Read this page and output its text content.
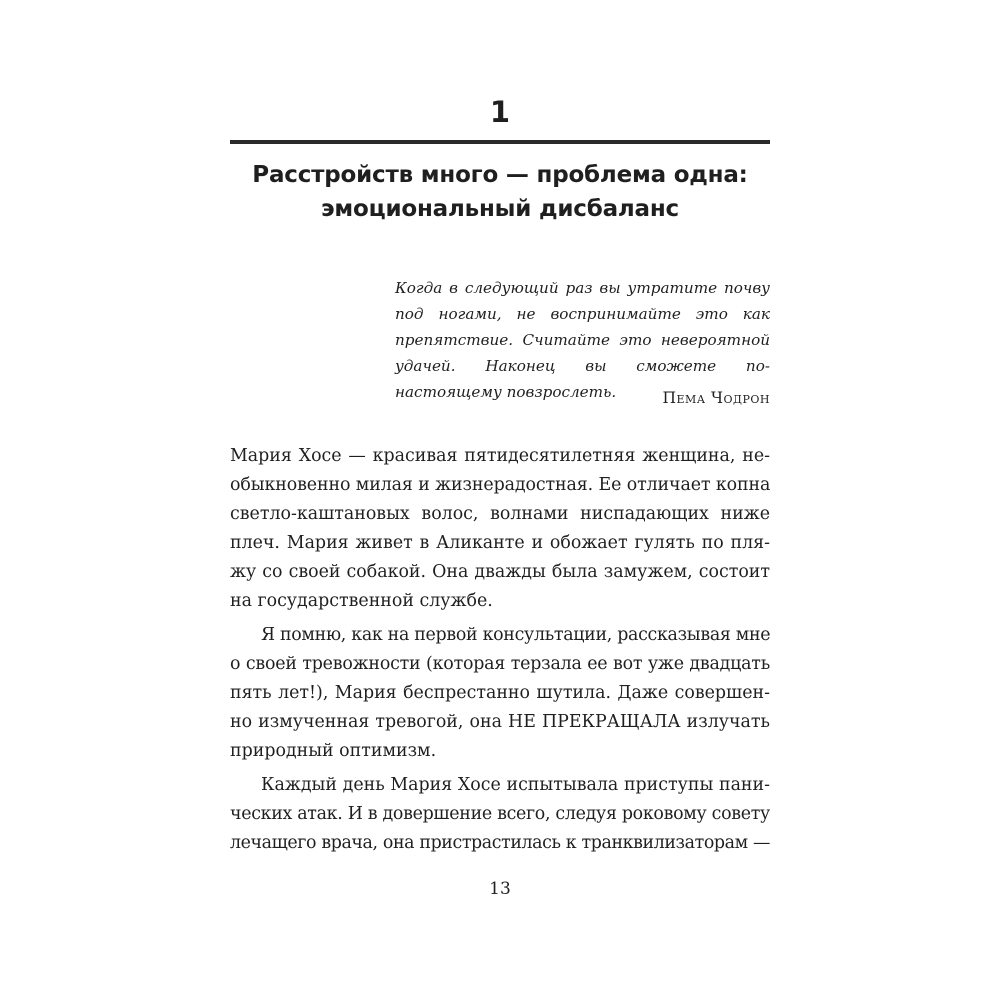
1
Расстройств много — проблема одна:
эмоциональный дисбаланс
Когда в следующий раз вы утратите почву под ногами, не воспринимайте это как препятствие. Считайте это невероятной удачей. Наконец вы сможете по-настоящему повзрослеть.	Пема Чодрон
Мария Хосе — красивая пятидесятилетняя женщина, не-
обыкновенно милая и жизнерадостная. Ее отличает копна
светло-каштановых волос, волнами ниспадающих ниже
плеч. Мария живет в Аликанте и обожает гулять по пля-
жу со своей собакой. Она дважды была замужем, состоит
на государственной службе.
Я помню, как на первой консультации, рассказывая мне
о своей тревожности (которая терзала ее вот уже двадцать
пять лет!), Мария беспрестанно шутила. Даже совершен-
но измученная тревогой, она НЕ ПРЕКРАЩАЛА излучать
природный оптимизм.
Каждый день Мария Хосе испытывала приступы пани-
ческих атак. И в довершение всего, следуя роковому совету
лечащего врача, она пристрастилась к транквилизаторам —
13
